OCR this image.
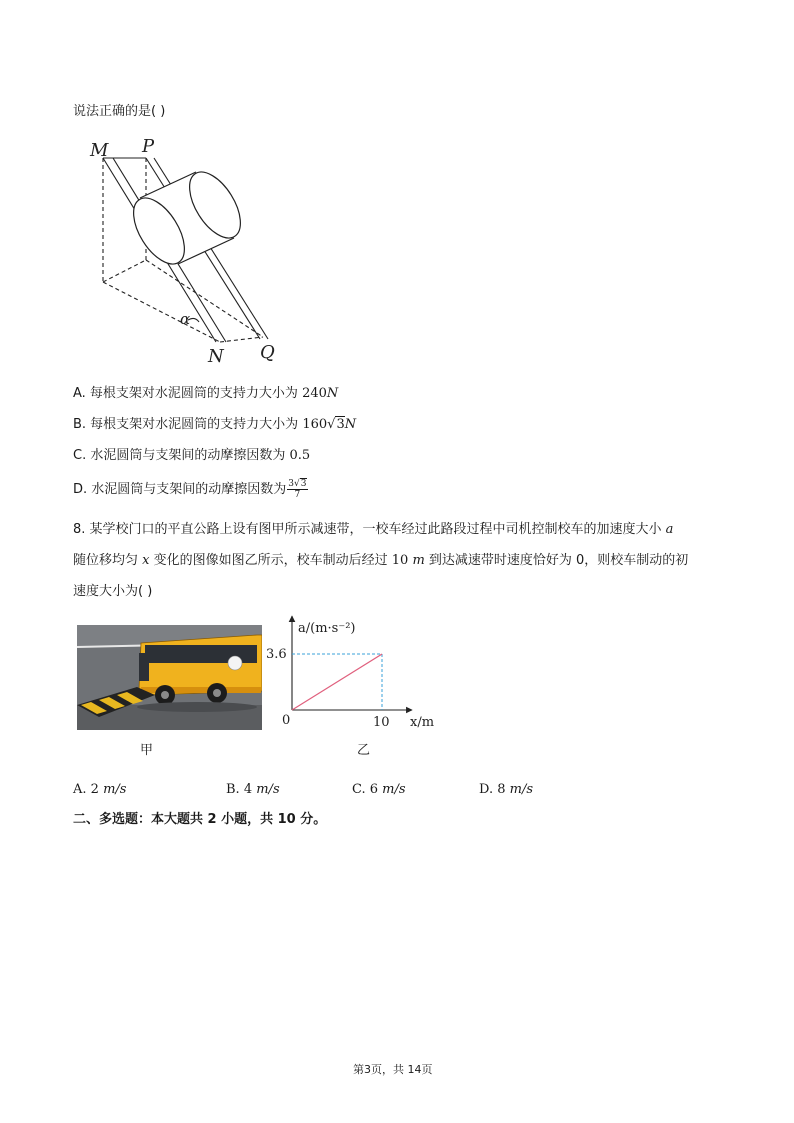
说法正确的是( )
M P
N Q
α
A. 每根支架对水泥圆筒的支持力大小为 240N
B. 每根支架对水泥圆筒的支持力大小为 160√3N
C. 水泥圆筒与支架间的动摩擦因数为 0.5
D. 水泥圆筒与支架间的动摩擦因数为 $\frac{3√3}{7}$
8. 某学校门口的平直公路上设有图甲所示减速带，一校车经过此路段过程中司机控制校车的加速度大小 a
随位移均匀 x 变化的图像如图乙所示，校车制动后经过 10 m 到达减速带时速度恰好为 0，则校车制动的初
速度大小为( )
甲
a/(m·s⁻²)
3.6
0	10 x/m
乙
A. 2 m/s	B. 4 m/s	C. 6 m/s	D. 8 m/s
二、多选题：本大题共 2 小题，共 10 分。
第3页，共 14页
